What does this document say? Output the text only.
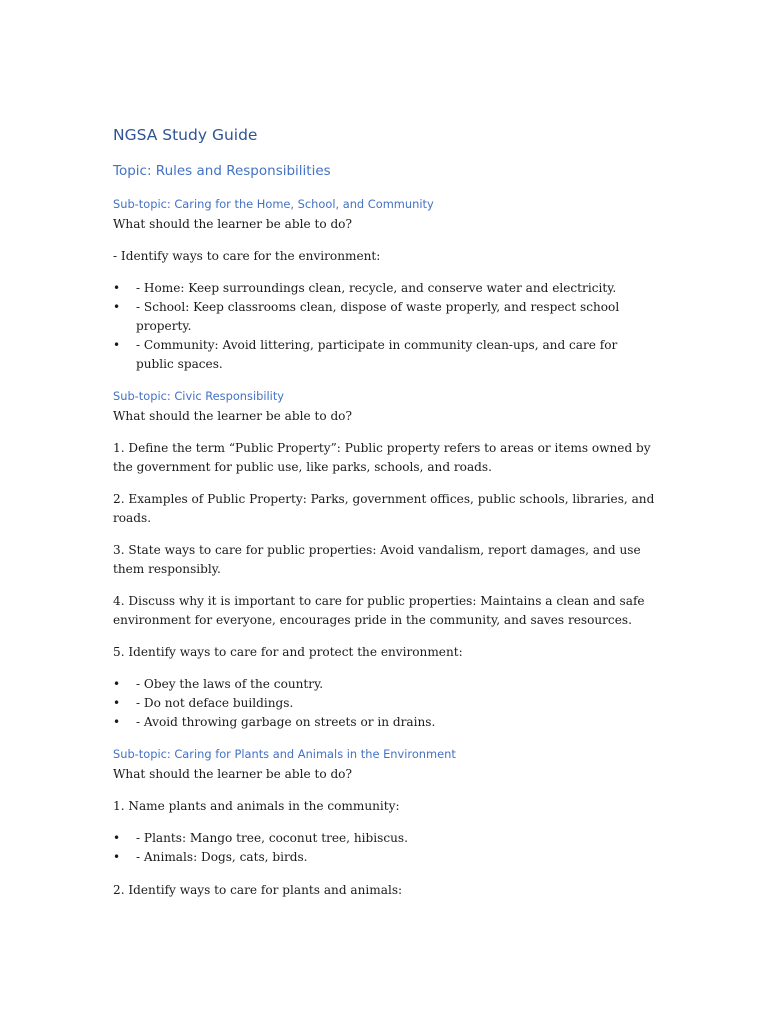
NGSA Study Guide
Topic: Rules and Responsibilities
Sub-topic: Caring for the Home, School, and Community

What should the learner be able to do?

- Identify ways to care for the environment:

• - Home: Keep surroundings clean, recycle, and conserve water and electricity.
• - School: Keep classrooms clean, dispose of waste properly, and respect school property.
• - Community: Avoid littering, participate in community clean-ups, and care for public spaces.
Sub-topic: Civic Responsibility

What should the learner be able to do?

1. Define the term “Public Property”: Public property refers to areas or items owned by the government for public use, like parks, schools, and roads.

2. Examples of Public Property: Parks, government offices, public schools, libraries, and roads.

3. State ways to care for public properties: Avoid vandalism, report damages, and use them responsibly.

4. Discuss why it is important to care for public properties: Maintains a clean and safe environment for everyone, encourages pride in the community, and saves resources.

5. Identify ways to care for and protect the environment:

• - Obey the laws of the country.
• - Do not deface buildings.
• - Avoid throwing garbage on streets or in drains.
Sub-topic: Caring for Plants and Animals in the Environment

What should the learner be able to do?

1. Name plants and animals in the community:

• - Plants: Mango tree, coconut tree, hibiscus.
• - Animals: Dogs, cats, birds.

2. Identify ways to care for plants and animals:
